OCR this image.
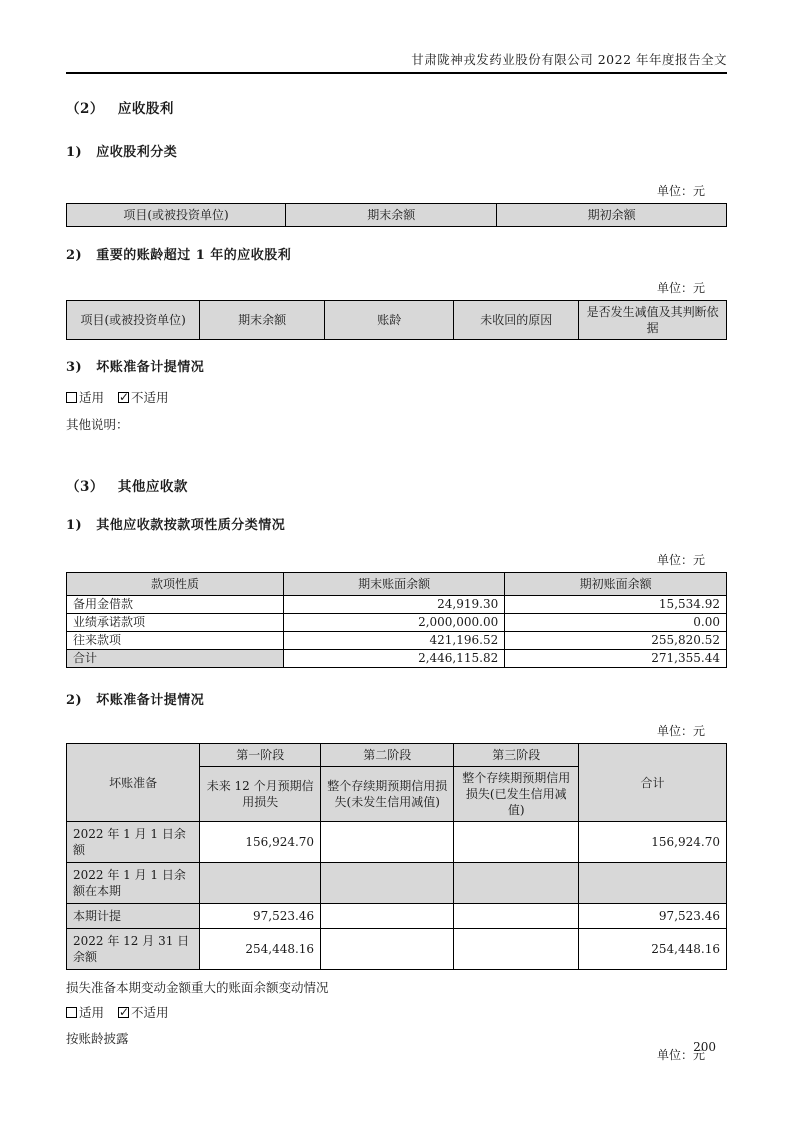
甘肃陇神戎发药业股份有限公司 2022 年年度报告全文
（2） 应收股利
1) 应收股利分类
单位：元
项目(或被投资单位)	期末余额	期初余额
2) 重要的账龄超过 1 年的应收股利
单位：元
项目(或被投资单位)	期末余额	账龄	未收回的原因	是否发生减值及其判断依据
3) 坏账准备计提情况
适用 ✓ 不适用
其他说明：
（3） 其他应收款
1) 其他应收款按款项性质分类情况
单位：元
款项性质	期末账面余额	期初账面余额
备用金借款	24,919.30	15,534.92
业绩承诺款项	2,000,000.00	0.00
往来款项	421,196.52	255,820.52
合计	2,446,115.82	271,355.44
2) 坏账准备计提情况
单位：元
坏账准备	第一阶段	第二阶段	第三阶段	合计
	未来 12 个月预期信用损失	整个存续期预期信用损失(未发生信用减值)	整个存续期预期信用损失(已发生信用减值)	
2022 年 1 月 1 日余额	156,924.70			156,924.70
2022 年 1 月 1 日余额在本期				
本期计提	97,523.46			97,523.46
2022 年 12 月 31 日余额	254,448.16			254,448.16
损失准备本期变动金额重大的账面余额变动情况
适用 ✓ 不适用
按账龄披露
单位：元
200
